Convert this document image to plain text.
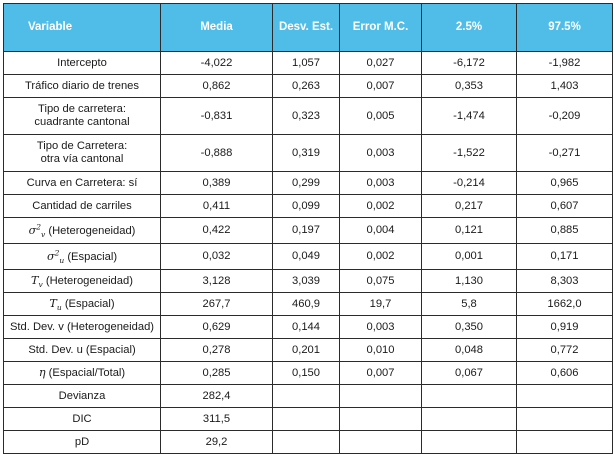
Variable	Media	Desv. Est.	Error M.C.	2.5%	97.5%
Intercepto	-4,022	1,057	0,027	-6,172	-1,982
Tráfico diario de trenes	0,862	0,263	0,007	0,353	1,403
Tipo de carretera:
cuadrante cantonal	-0,831	0,323	0,005	-1,474	-0,209
Tipo de Carretera:
otra vía cantonal	-0,888	0,319	0,003	-1,522	-0,271
Curva en Carretera: sí	0,389	0,299	0,003	-0,214	0,965
Cantidad de carriles	0,411	0,099	0,002	0,217	0,607
$\sigma^2_v$ (Heterogeneidad)	0,422	0,197	0,004	0,121	0,885
$\sigma^2_u$ (Espacial)	0,032	0,049	0,002	0,001	0,171
$T_v$ (Heterogeneidad)	3,128	3,039	0,075	1,130	8,303
$T_u$ (Espacial)	267,7	460,9	19,7	5,8	1662,0
Std. Dev. v (Heterogeneidad)	0,629	0,144	0,003	0,350	0,919
Std. Dev. u (Espacial)	0,278	0,201	0,010	0,048	0,772
η (Espacial/Total)	0,285	0,150	0,007	0,067	0,606
Devianza	282,4				
DIC	311,5				
pD	29,2				
